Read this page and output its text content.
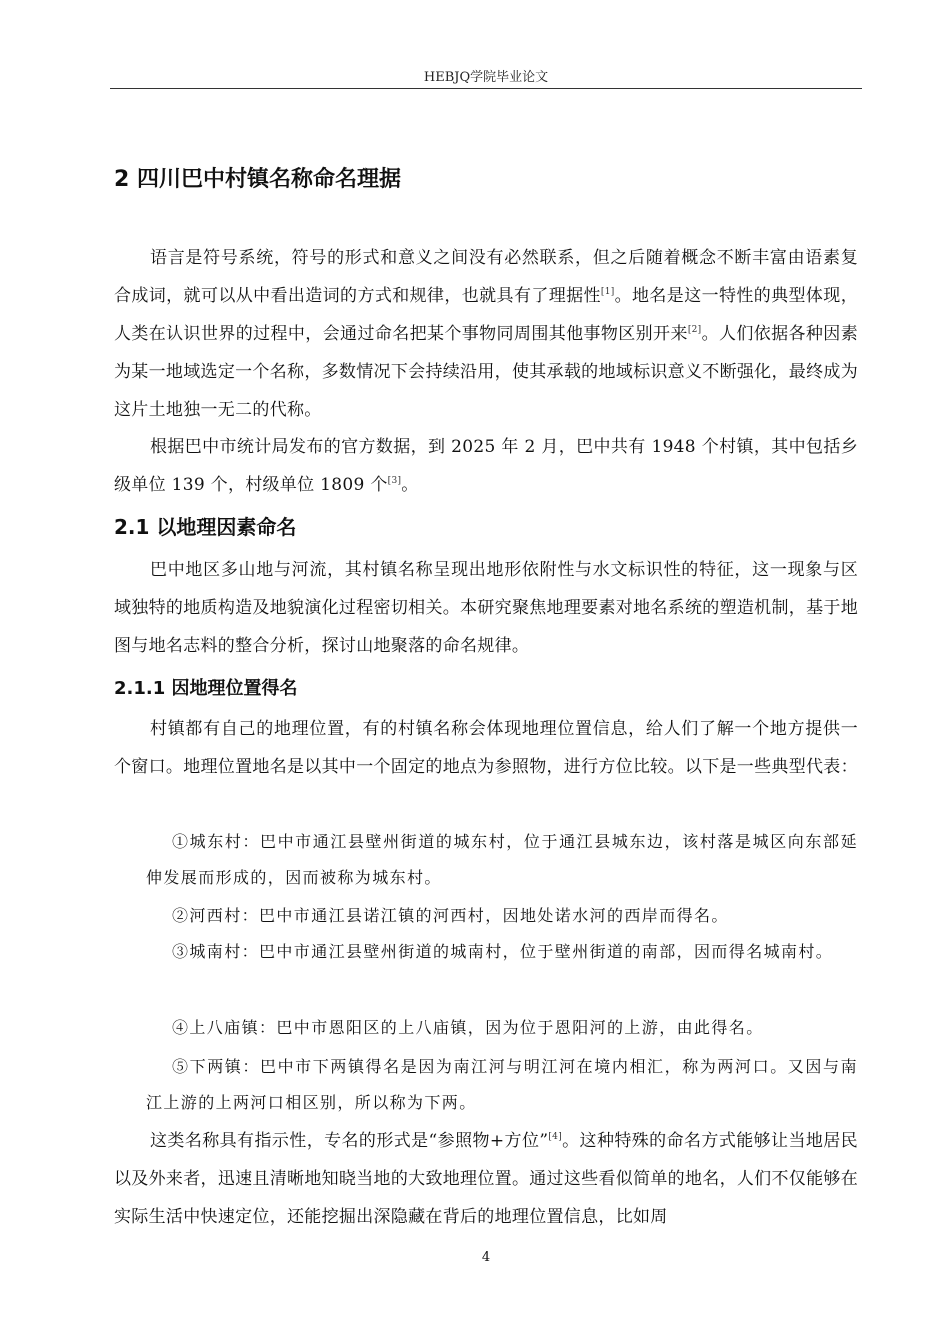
HEBJQ学院毕业论文
2 四川巴中村镇名称命名理据

语言是符号系统，符号的形式和意义之间没有必然联系，但之后随着概念不断丰富由语素复合成词，就可以从中看出造词的方式和规律，也就具有了理据性[1]。地名是这一特性的典型体现，人类在认识世界的过程中，会通过命名把某个事物同周围其他事物区别开来[2]。人们依据各种因素为某一地域选定一个名称，多数情况下会持续沿用，使其承载的地域标识意义不断强化，最终成为这片土地独一无二的代称。

根据巴中市统计局发布的官方数据，到 2025 年 2 月，巴中共有 1948 个村镇，其中包括乡级单位 139 个，村级单位 1809 个[3]。

2.1 以地理因素命名

巴中地区多山地与河流，其村镇名称呈现出地形依附性与水文标识性的特征，这一现象与区域独特的地质构造及地貌演化过程密切相关。本研究聚焦地理要素对地名系统的塑造机制，基于地图与地名志料的整合分析，探讨山地聚落的命名规律。

2.1.1 因地理位置得名

村镇都有自己的地理位置，有的村镇名称会体现地理位置信息，给人们了解一个地方提供一个窗口。地理位置地名是以其中一个固定的地点为参照物，进行方位比较。以下是一些典型代表：

①城东村：巴中市通江县壁州街道的城东村，位于通江县城东边，该村落是城区向东部延伸发展而形成的，因而被称为城东村。

②河西村：巴中市通江县诺江镇的河西村，因地处诺水河的西岸而得名。

③城南村：巴中市通江县壁州街道的城南村，位于壁州街道的南部，因而得名城南村。

④上八庙镇：巴中市恩阳区的上八庙镇，因为位于恩阳河的上游，由此得名。

⑤下两镇：巴中市下两镇得名是因为南江河与明江河在境内相汇，称为两河口。又因与南江上游的上两河口相区别，所以称为下两。

这类名称具有指示性，专名的形式是“参照物+方位”[4]。这种特殊的命名方式能够让当地居民以及外来者，迅速且清晰地知晓当地的大致地理位置。通过这些看似简单的地名，人们不仅能够在实际生活中快速定位，还能挖掘出深隐藏在背后的地理位置信息，比如周

4
